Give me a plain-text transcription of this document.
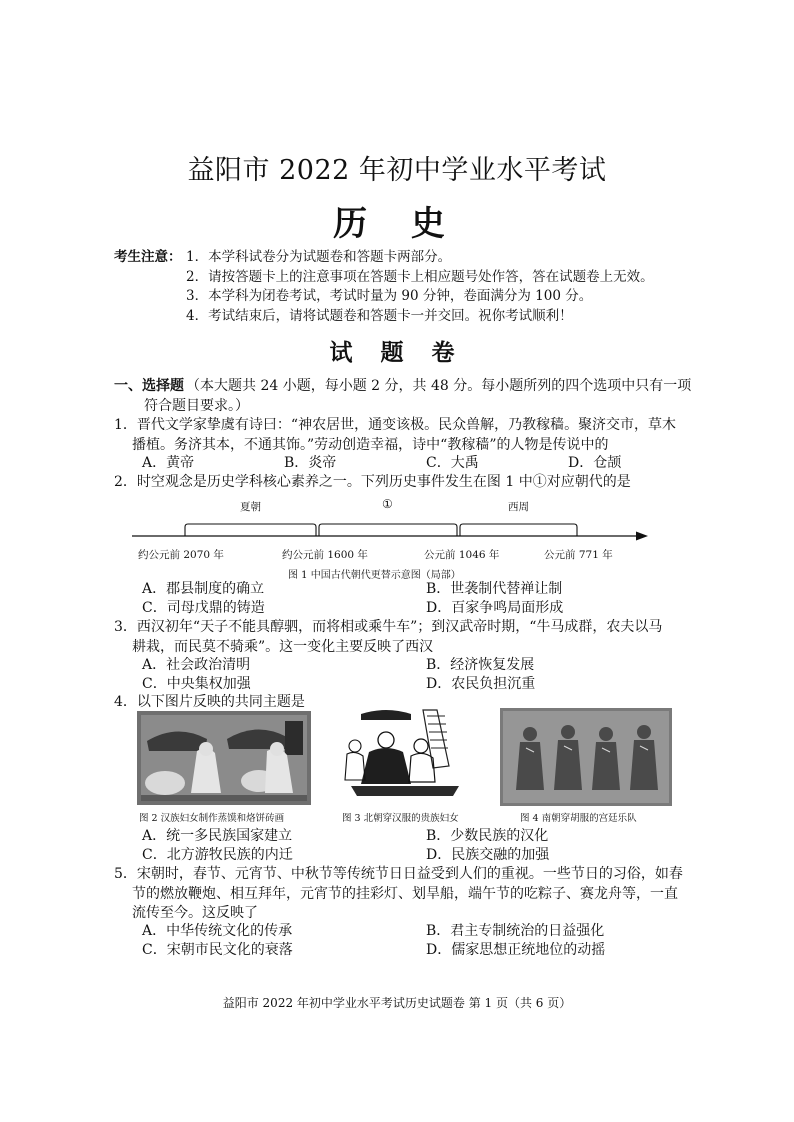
益阳市 2022 年初中学业水平考试
历 史
考生注意： 1．本学科试卷分为试题卷和答题卡两部分。
2．请按答题卡上的注意事项在答题卡上相应题号处作答，答在试题卷上无效。
3．本学科为闭卷考试，考试时量为 90 分钟，卷面满分为 100 分。
4．考试结束后，请将试题卷和答题卡一并交回。祝你考试顺利！
试 题 卷
一、选择题 （本大题共 24 小题，每小题 2 分，共 48 分。每小题所列的四个选项中只有一项
符合题目要求。）
1．晋代文学家挚虞有诗曰：“神农居世，通变该极。民众兽解，乃教稼穑。聚济交市，草木
播植。务济其本，不通其饰。”劳动创造幸福，诗中“教稼穑”的人物是传说中的
A．黄帝	B．炎帝	C．大禹	D．仓颉
2．时空观念是历史学科核心素养之一。下列历史事件发生在图 1 中①对应朝代的是
夏朝	①	西周
约公元前 2070 年	约公元前 1600 年	公元前 1046 年	公元前 771 年
图 1 中国古代朝代更替示意图（局部）
A．郡县制度的确立	B．世袭制代替禅让制
C．司母戊鼎的铸造	D．百家争鸣局面形成
3．西汉初年“天子不能具醇驷，而将相或乘牛车”；到汉武帝时期，“牛马成群，农夫以马
耕栽，而民莫不骑乘”。这一变化主要反映了西汉
A．社会政治清明	B．经济恢复发展
C．中央集权加强	D．农民负担沉重
4．以下图片反映的共同主题是
图 2 汉族妇女制作蒸馍和烙饼砖画	图 3 北朝穿汉服的贵族妇女	图 4 南朝穿胡服的宫廷乐队
A．统一多民族国家建立	B．少数民族的汉化
C．北方游牧民族的内迁	D．民族交融的加强
5．宋朝时，春节、元宵节、中秋节等传统节日日益受到人们的重视。一些节日的习俗，如春
节的燃放鞭炮、相互拜年，元宵节的挂彩灯、划旱船，端午节的吃粽子、赛龙舟等，一直
流传至今。这反映了
A．中华传统文化的传承	B．君主专制统治的日益强化
C．宋朝市民文化的衰落	D．儒家思想正统地位的动摇
益阳市 2022 年初中学业水平考试历史试题卷 第 1 页（共 6 页）
